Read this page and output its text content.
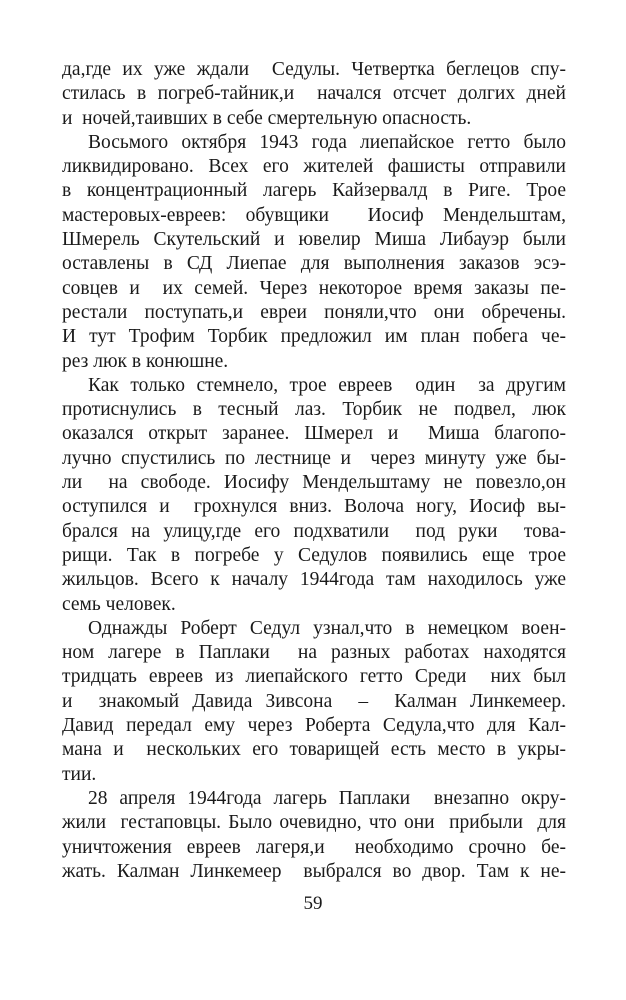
да,где их уже ждали  Седулы. Четвертка беглецов спу-
стилась в погреб-тайник,и  начался отсчет долгих дней
и  ночей,таивших в себе смертельную опасность.
Восьмого октября 1943 года лиепайское гетто было
ликвидировано. Всех его жителей фашисты отправили
в концентрационный лагерь Кайзервалд в Риге. Трое
мастеровых-евреев: обувщики  Иосиф Мендельштам,
Шмерель Скутельский и ювелир Миша Либауэр были
оставлены в СД Лиепае для выполнения заказов эсэ-
совцев и  их семей. Через некоторое время заказы пе-
рестали поступать,и евреи поняли,что они обречены.
И тут Трофим Торбик предложил им план побега че-
рез люк в конюшне.
Как только стемнело, трое евреев  один  за другим
протиснулись в тесный лаз. Торбик не подвел, люк
оказался открыт заранее. Шмерел и  Миша благопо-
лучно спустились по лестнице и  через минуту уже бы-
ли  на свободе. Иосифу Мендельштаму не повезло,он
оступился и  грохнулся вниз. Волоча ногу, Иосиф вы-
брался на улицу,где его подхватили  под руки  това-
рищи. Так в погребе у Седулов появились еще трое
жильцов. Всего к началу 1944года там находилось уже
семь человек.
Однажды Роберт Седул узнал,что в немецком воен-
ном лагере в Паплаки  на разных работах находятся
тридцать евреев из лиепайского гетто Среди  них был
и  знакомый Давида Зивсона  –  Калман Линкемеер.
Давид передал ему через Роберта Седула,что для Кал-
мана и  нескольких его товарищей есть место в укры-
тии.
28 апреля 1944года лагерь Паплаки  внезапно окру-
жили  гестаповцы. Было очевидно, что они  прибыли  для
уничтожения евреев лагеря,и  необходимо срочно бе-
жать. Калман Линкемеер  выбрался во двор. Там к не-
59
